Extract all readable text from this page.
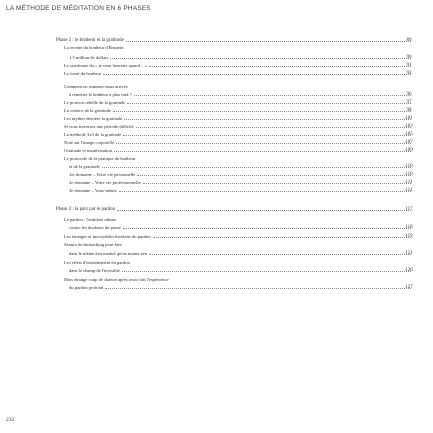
LA MÉTHODE DE MÉDITATION EN 6 PHASES
Phase 2 : le bonheur et la gratitude	89
La recette du bonheur d'Einstein
1,5 million de dollars	90
Le syndrome du « je serai heureux quand... »	91
Le fossé du bonheur	92
Comment en sommes-nous arrivés
à remettre le bonheur à plus tard ?	96
Le pouvoir rebelle de la gratitude	97
La science de la gratitude	98
Les mythes derrière la gratitude	101
Si vous traversez une période difficile	103
La méthode 3x3 de la gratitude	105
Note sur l'image corporelle	107
Gratitude et manifestation	109
Le protocole de la pratique du bonheur
et de la gratitude	110
1er domaine – Votre vie personnelle	110
2e domaine – Votre vie professionnelle	111
3e domaine – Vous-même	112
Phase 3 : la paix par le pardon	117
Le pardon : l'antidote ultime
contre les douleurs du passé	118
Les étranges et incroyables bienfaits du pardon	119
Séance de biohacking pour être
dans le même état mental qu'un moine zen	121
Les effets d'entraînement du pardon
dans le champ de l'invisible	126
Mon étrange coup de chance après avoir fait l'expérience
du pardon profond	127
232
